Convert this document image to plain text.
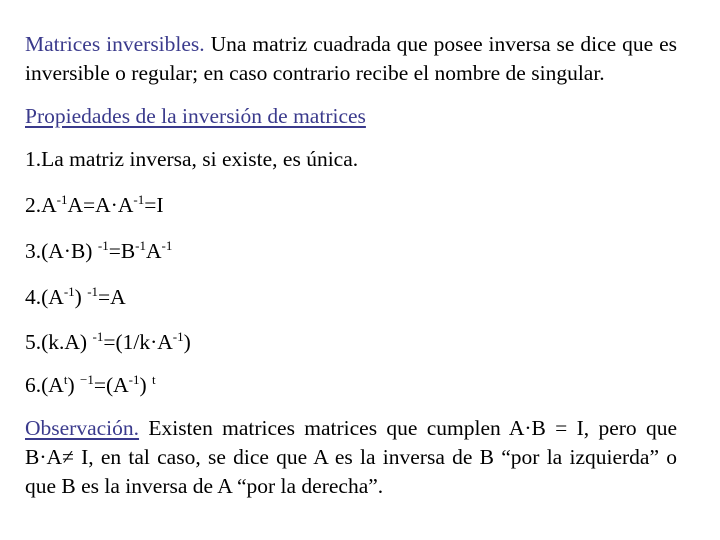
Matrices inversibles. Una matriz cuadrada que posee inversa se dice que es inversible o regular; en caso contrario recibe el nombre de singular.

Propiedades de la inversión de matrices

1.La matriz inversa, si existe, es única.

$2.A^{-1}A=A\cdot A^{-1}=I$

3.(A·B) $^{-1}=B^{-1}A^{-1}$

$4.(A^{-1})$ $^{-1}$=A

5.(k.A) $^{-1}=(1/k\cdot A^{-1})$

$6.(A^t)$ $^{-1}=(A^{-1})$ $^t$

Observación. Existen matrices matrices que cumplen A·B = I, pero que B·A≠ I, en tal caso, se dice que A es la inversa de B “por la izquierda” o que B es la inversa de A “por la derecha”.
